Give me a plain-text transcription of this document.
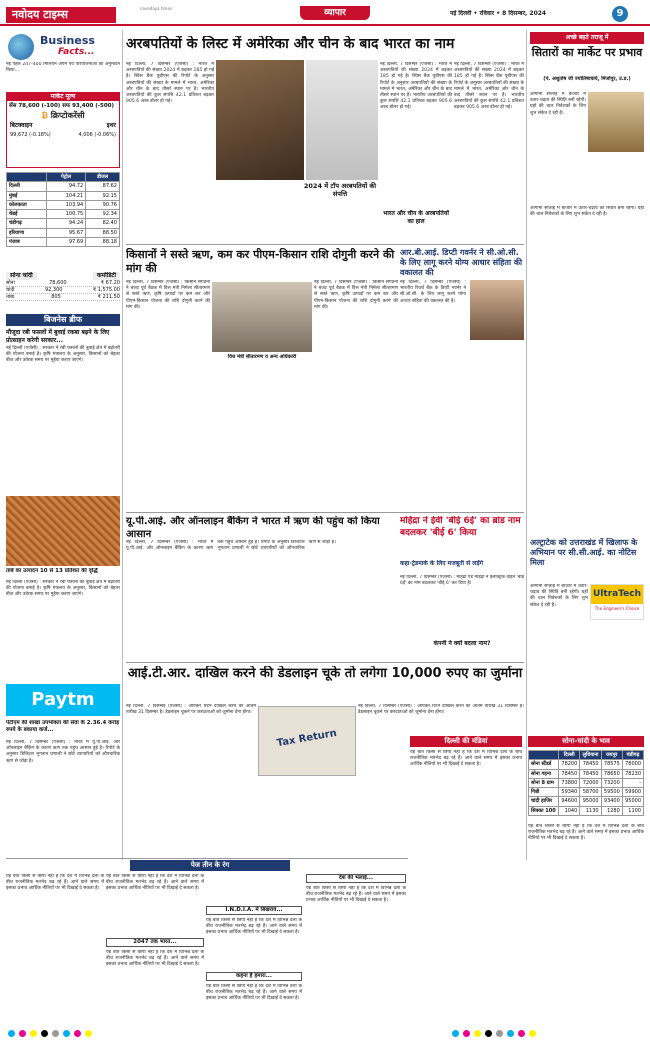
नवोदय टाइम्स	navodaya times	व्यापार	नई दिल्ली • रविवार • 8 दिसम्बर, 2024	9
Business
Facts...
नई पहल 247-400 मिलियन अपने पर्व परियोजनाओं का अनुमोदन किया...
मार्केट मूल्य
सेंस 78,600 (-100) सफ 93,400 (-500)
₿ क्रिप्टोकरेंसी
बिटक्वाइन	इथर
99,672 (-0.18%)	4,006 (-0.06%)
	पेट्रोल	डीजल
दिल्ली	94.72	87.62
मुंबई	104.21	92.15
कोलकाता	103.94	90.76
चेन्नई	100.75	92.34
चंडीगढ़	94.24	82.40
हरियाणा	95.67	88.50
पंजाब	97.69	88.18
सोना चांदी	कमोडिटी
सोना	78,600	₹ 67.20
चांदी	92,300	₹ 1,575.00
तांबा	805	₹ 211.50
बिजनेस ब्रीफ
मौजूदा रबी फसलों में बुवाई रकबा बढ़ने के लिए प्रोत्साहन करेगी सरकार...
नई दिल्ली (एजेंसी) : सरकार ने रबी फसलों की बुवाई क्षेत्र में बढ़ोतरी की योजना बनाई है। कृषि मंत्रालय के अनुसार, किसानों को बेहतर बीज और उर्वरक समय पर मुहैया कराए जाएंगे।
तांबे का उत्पादन 10 से 13 प्रतिशत की वृद्धि
नई दिल्ली (एजेंसी) : सरकार ने रबी फसलों की बुवाई क्षेत्र में बढ़ोतरी की योजना बनाई है। कृषि मंत्रालय के अनुसार, किसानों को बेहतर बीज और उर्वरक समय पर मुहैया कराए जाएंगे।
Paytm
पेटीएम की शाखा उपभोक्ता की सेवा के 2.36.4 करोड़ रुपये के बकाया कर्ज...
नई दिल्ली, 7 दिसम्बर (एजेंसी) : भारत में यू.पी.आई. और ऑनलाइन बैंकिंग के कारण ऋण तक पहुंच आसान हुई है। रिपोर्ट के अनुसार डिजिटल भुगतान प्रणाली ने छोटे व्यापारियों को औपचारिक ऋण से जोड़ा है।
अरबपतियों के लिस्ट में अमेरिका और चीन के बाद भारत का नाम
नई दिल्ली, 7 दिसम्बर (एजेंसी) : भारत में अरबपतियों की संख्या 2024 में बढ़कर 185 हो गई है। स्विस बैंक यूबीएस की रिपोर्ट के अनुसार अरबपतियों की संख्या के मामले में भारत, अमेरिका और चीन के बाद तीसरे स्थान पर है। भारतीय अरबपतियों की कुल संपत्ति 42.1 प्रतिशत बढ़कर 905.6 अरब डॉलर हो गई।
2024 में टॉप अरबपतियों की संपत्ति
नई दिल्ली, 7 दिसम्बर (एजेंसी) : भारत में अरबपतियों की संख्या 2024 में बढ़कर 185 हो गई है। स्विस बैंक यूबीएस की रिपोर्ट के अनुसार अरबपतियों की संख्या के मामले में भारत, अमेरिका और चीन के बाद तीसरे स्थान पर है। भारतीय अरबपतियों की कुल संपत्ति 42.1 प्रतिशत बढ़कर 905.6 अरब डॉलर हो गई।
भारत और चीन के अरबपतियों का हाल
नई दिल्ली, 7 दिसम्बर (एजेंसी) : भारत में अरबपतियों की संख्या 2024 में बढ़कर 185 हो गई है। स्विस बैंक यूबीएस की रिपोर्ट के अनुसार अरबपतियों की संख्या के मामले में भारत, अमेरिका और चीन के बाद तीसरे स्थान पर है। भारतीय अरबपतियों की कुल संपत्ति 42.1 प्रतिशत बढ़कर 905.6 अरब डॉलर हो गई।
किसानों ने सस्ते ऋण, कम कर पीएम-किसान राशि दोगुनी करने की मांग की
नई दिल्ली, 7 दिसम्बर (एजेंसी) : किसान संगठनों ने बजट पूर्व बैठक में वित्त मंत्री निर्मला सीतारमण से सस्ते ऋण, कृषि उत्पादों पर कम कर और पीएम-किसान योजना की राशि दोगुनी करने की मांग की।
वित्त मंत्री सीतारमण व अन्य अधिकारी
नई दिल्ली, 7 दिसम्बर (एजेंसी) : किसान संगठनों ने बजट पूर्व बैठक में वित्त मंत्री निर्मला सीतारमण से सस्ते ऋण, कृषि उत्पादों पर कम कर और पीएम-किसान योजना की राशि दोगुनी करने की मांग की।
आर.बी.आई. डिप्टी गवर्नर ने सी.ओ.सी. के लिए लागू करने योग्य आधार संहिता की वकालत की
नई दिल्ली, 7 दिसम्बर (एजेंसी) : भारतीय रिजर्व बैंक के डिप्टी गवर्नर ने सी.ओ.सी. के लिए लागू करने योग्य आधार संहिता की वकालत की है।
यू.पी.आई. और ऑनलाइन बैंकिंग ने भारत में ऋण की पहुंच को किया आसान
नई दिल्ली, 7 दिसम्बर (एजेंसी) : भारत में यू.पी.आई. और ऑनलाइन बैंकिंग के कारण ऋण तक पहुंच आसान हुई है। रिपोर्ट के अनुसार डिजिटल भुगतान प्रणाली ने छोटे व्यापारियों को औपचारिक ऋण से जोड़ा है।
महिंद्रा ने ईवी 'बीई 6ई' का ब्रांड नाम बदलकर 'बीई 6' किया
कहा-ट्रेडमार्क के लिए मजबूती से लड़ेंगे
नई दिल्ली, 7 दिसम्बर (एजेंसी) : महिंद्रा एंड महिंद्रा ने इलेक्ट्रिक वाहन 'बीई 6ई' का नाम बदलकर 'बीई 6' कर दिया है।
कंपनी ने क्यों बदला नाम?
आई.टी.आर. दाखिल करने की डेडलाइन चूके तो लगेगा 10,000 रुपए का जुर्माना
नई दिल्ली, 7 दिसम्बर (एजेंसी) : आयकर रिटर्न दाखिल करने की अंतिम तारीख 31 दिसम्बर है। डेडलाइन चूकने पर करदाताओं को जुर्माना देना होगा।
Tax Return
नई दिल्ली, 7 दिसम्बर (एजेंसी) : आयकर रिटर्न दाखिल करने की अंतिम तारीख 31 दिसम्बर है। डेडलाइन चूकने पर करदाताओं को जुर्माना देना होगा।
अच्छे बहते तराजू में
सितारों का मार्केट पर प्रभाव
(पं. अशुतोष जी ज्योतिषाचार्य, मिर्जापुर, उ.प्र.)
आगामी सप्ताह में बाजार में उतार-चढ़ाव की स्थिति बनी रहेगी। ग्रहों की चाल निवेशकों के लिए शुभ संकेत दे रही है।
आगामी सप्ताह में बाजार में उतार-चढ़ाव की स्थिति बनी रहेगी। ग्रहों की चाल निवेशकों के लिए शुभ संकेत दे रही है।
अल्ट्राटेक को उत्तराखंड में खिलाफ के अभियान पर सी.सी.आई. का नोटिस मिला
UltraTech
The Engineer's Choice
आगामी सप्ताह में बाजार में उतार-चढ़ाव की स्थिति बनी रहेगी। ग्रहों की चाल निवेशकों के लिए शुभ संकेत दे रही है।
दिल्ली की मंडियां
यह बात किसी से छिपी नहीं है कि देश में विभिन्न दलों के बीच राजनीतिक मतभेद बढ़ रहे हैं। आने वाले समय में इसका प्रभाव आर्थिक नीतियों पर भी दिखाई दे सकता है।
सोना-चांदी के भाव
	दिल्ली	लुधियाना	जयपुर	चंडीगढ़
सोना स्टैंडर्ड	78200	78450	78575	78000
सोना गहना	78450	78450	78650	78230
सोना 8 ग्राम	73800	72000	73200	-
गिन्नी	59340	58700	59500	59900
चांदी हाजिर	94600	95000	93400	95000
सिक्का 100	1040	1130	1280	1100
यह बात किसी से छिपी नहीं है कि देश में विभिन्न दलों के बीच राजनीतिक मतभेद बढ़ रहे हैं। आने वाले समय में इसका प्रभाव आर्थिक नीतियों पर भी दिखाई दे सकता है।
पेज तीन के रंग
यह बात किसी से छिपी नहीं है कि देश में विभिन्न दलों के बीच राजनीतिक मतभेद बढ़ रहे हैं। आने वाले समय में इसका प्रभाव आर्थिक नीतियों पर भी दिखाई दे सकता है।
यह बात किसी से छिपी नहीं है कि देश में विभिन्न दलों के बीच राजनीतिक मतभेद बढ़ रहे हैं। आने वाले समय में इसका प्रभाव आर्थिक नीतियों पर भी दिखाई दे सकता है।
2047 तक भारत...
यह बात किसी से छिपी नहीं है कि देश में विभिन्न दलों के बीच राजनीतिक मतभेद बढ़ रहे हैं। आने वाले समय में इसका प्रभाव आर्थिक नीतियों पर भी दिखाई दे सकता है।
I.N.D.I.A. में बिखराव...
यह बात किसी से छिपी नहीं है कि देश में विभिन्न दलों के बीच राजनीतिक मतभेद बढ़ रहे हैं। आने वाले समय में इसका प्रभाव आर्थिक नीतियों पर भी दिखाई दे सकता है।
कहना है हमारा...
यह बात किसी से छिपी नहीं है कि देश में विभिन्न दलों के बीच राजनीतिक मतभेद बढ़ रहे हैं। आने वाले समय में इसका प्रभाव आर्थिक नीतियों पर भी दिखाई दे सकता है।
देश की भलाई...
यह बात किसी से छिपी नहीं है कि देश में विभिन्न दलों के बीच राजनीतिक मतभेद बढ़ रहे हैं। आने वाले समय में इसका प्रभाव आर्थिक नीतियों पर भी दिखाई दे सकता है।
